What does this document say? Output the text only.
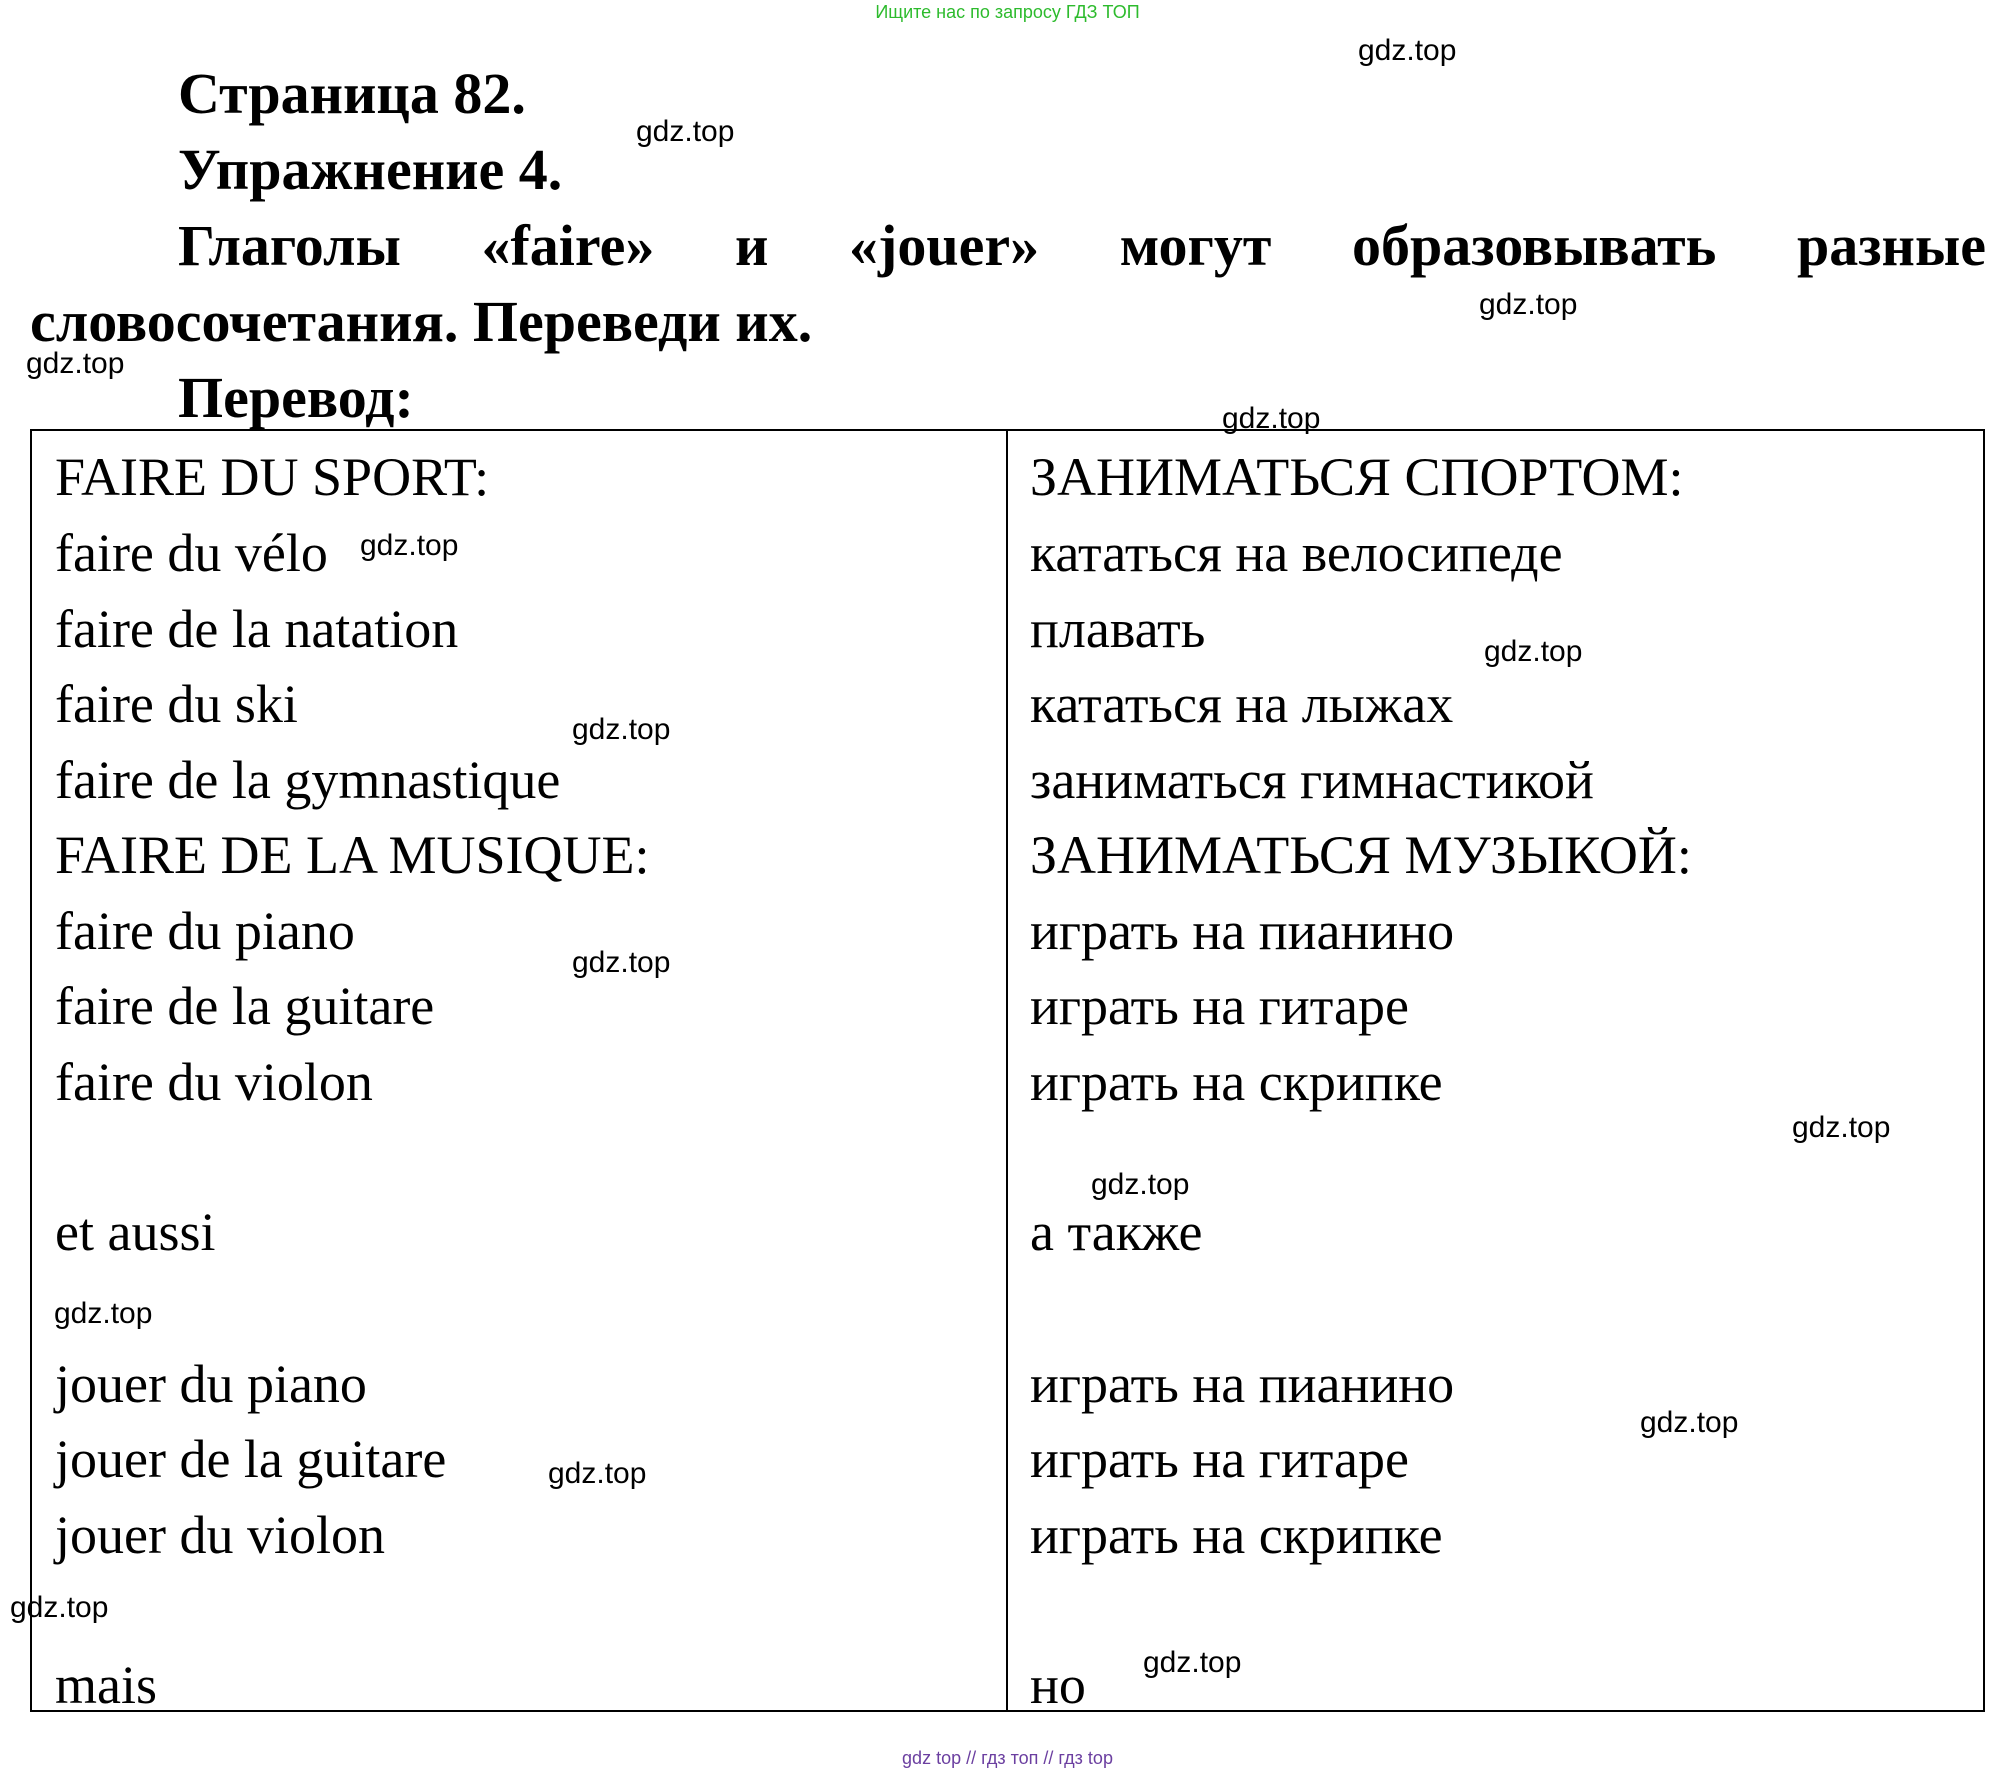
Ищите нас по запросу ГДЗ ТОП
Страница 82.
Упражнение 4.
Глаголы «faire» и «jouer» могут образовывать разные
словосочетания. Переведи их.
Перевод:
FAIRE DU SPORT:
faire du vélo
faire de la natation
faire du ski
faire de la gymnastique
FAIRE DE LA MUSIQUE:
faire du piano
faire de la guitare
faire du violon
et aussi
jouer du piano
jouer de la guitare
jouer du violon
mais
ЗАНИМАТЬСЯ СПОРТОМ:
кататься на велосипеде
плавать
кататься на лыжах
заниматься гимнастикой
ЗАНИМАТЬСЯ МУЗЫКОЙ:
играть на пианино
играть на гитаре
играть на скрипке
а также
играть на пианино
играть на гитаре
играть на скрипке
но
gdz.top
gdz.top
gdz.top
gdz.top
gdz.top
gdz.top
gdz.top
gdz.top
gdz.top
gdz.top
gdz.top
gdz.top
gdz.top
gdz.top
gdz.top
gdz.top
gdz top // гдз топ // гдз top
